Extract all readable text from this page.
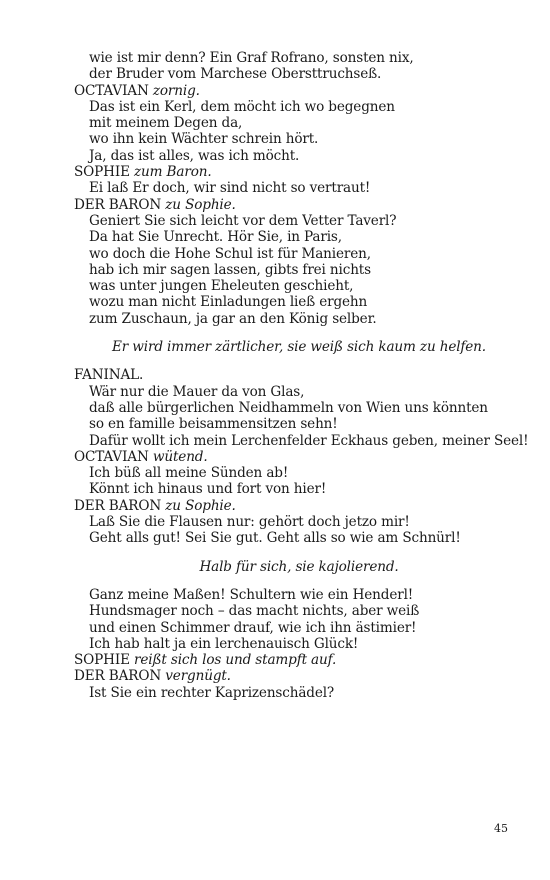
wie ist mir denn? Ein Graf Rofrano, sonsten nix,
der Bruder vom Marchese Obersttruchseß.
OCTAVIAN zornig.
Das ist ein Kerl, dem möcht ich wo begegnen
mit meinem Degen da,
wo ihn kein Wächter schrein hört.
Ja, das ist alles, was ich möcht.
SOPHIE zum Baron.
Ei laß Er doch, wir sind nicht so vertraut!
DER BARON zu Sophie.
Geniert Sie sich leicht vor dem Vetter Taverl?
Da hat Sie Unrecht. Hör Sie, in Paris,
wo doch die Hohe Schul ist für Manieren,
hab ich mir sagen lassen, gibts frei nichts
was unter jungen Eheleuten geschieht,
wozu man nicht Einladungen ließ ergehn
zum Zuschaun, ja gar an den König selber.
Er wird immer zärtlicher, sie weiß sich kaum zu helfen.
FANINAL.
Wär nur die Mauer da von Glas,
daß alle bürgerlichen Neidhammeln von Wien uns könnten
so en famille beisammensitzen sehn!
Dafür wollt ich mein Lerchenfelder Eckhaus geben, meiner Seel!
OCTAVIAN wütend.
Ich büß all meine Sünden ab!
Könnt ich hinaus und fort von hier!
DER BARON zu Sophie.
Laß Sie die Flausen nur: gehört doch jetzo mir!
Geht alls gut! Sei Sie gut. Geht alls so wie am Schnürl!
Halb für sich, sie kajolierend.
Ganz meine Maßen! Schultern wie ein Henderl!
Hundsmager noch – das macht nichts, aber weiß
und einen Schimmer drauf, wie ich ihn ästimier!
Ich hab halt ja ein lerchenauisch Glück!
SOPHIE reißt sich los und stampft auf.
DER BARON vergnügt.
Ist Sie ein rechter Kaprizenschädel?
45
